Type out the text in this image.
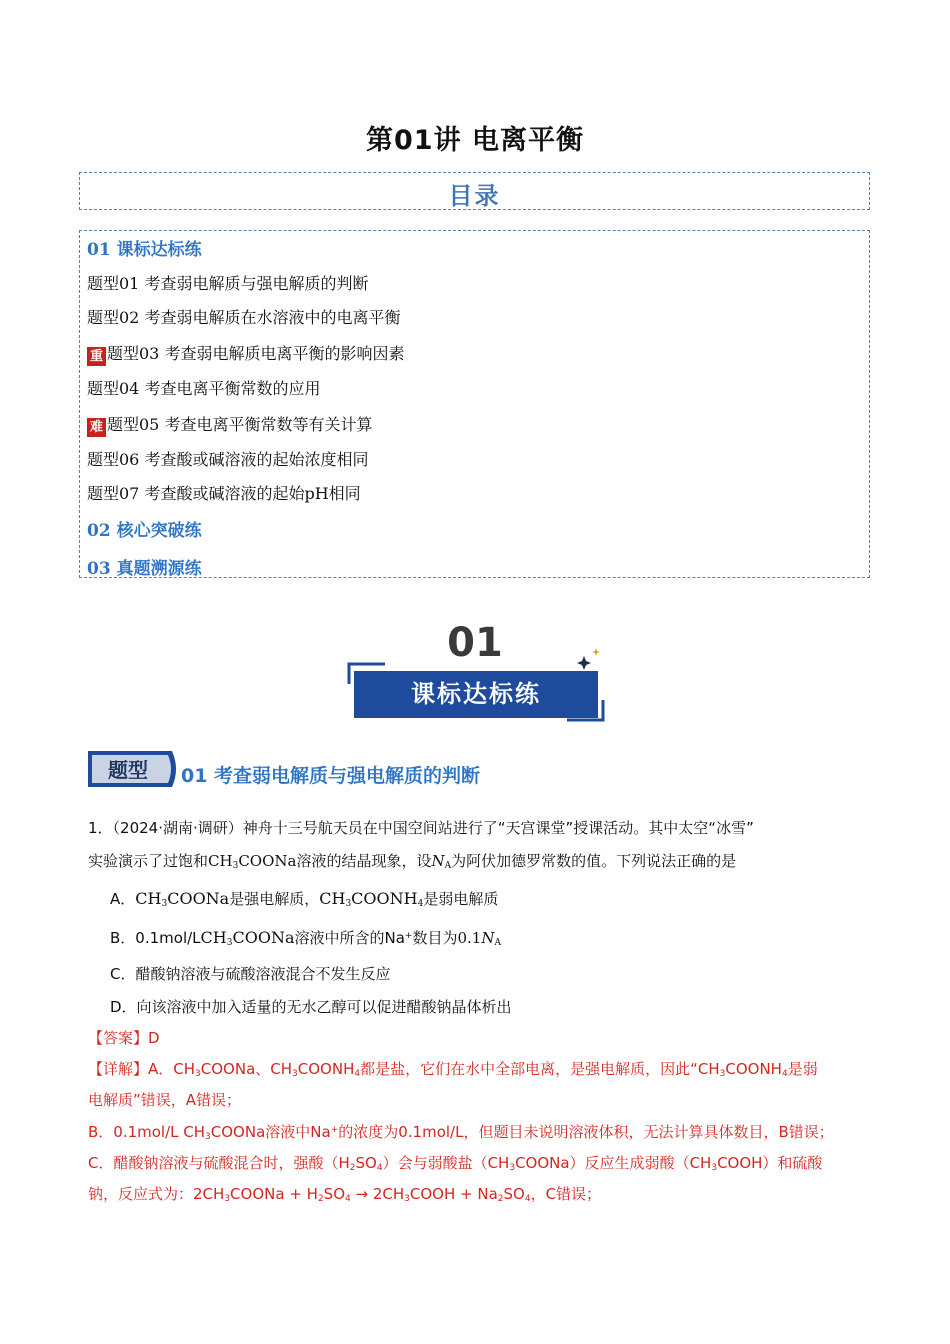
第01讲 电离平衡
目录
01 课标达标练
题型01 考查弱电解质与强电解质的判断
题型02 考查弱电解质在水溶液中的电离平衡
重 题型03 考查弱电解质电离平衡的影响因素
题型04 考查电离平衡常数的应用
难 题型05 考查电离平衡常数等有关计算
题型06 考查酸或碱溶液的起始浓度相同
题型07 考查酸或碱溶液的起始pH相同
02 核心突破练
03 真题溯源练
01
课标达标练
题型 01 考查弱电解质与强电解质的判断
1．（2024·湖南·调研）神舟十三号航天员在中国空间站进行了“天宫课堂”授课活动。其中太空“冰雪”
实验演示了过饱和$CH_3COONa$溶液的结晶现象，设$N_A$为阿伏加德罗常数的值。下列说法正确的是
A．$CH_3COONa$是强电解质，$CH_3COONH_4$是弱电解质
B．$0.1mol/LCH_3COONa$溶液中所含的Na+数目为$0.1N_A$
C．醋酸钠溶液与硫酸溶液混合不发生反应
D．向该溶液中加入适量的无水乙醇可以促进醋酸钠晶体析出
【答案】D
【详解】A．$CH_3COONa$、$CH_3COONH_4$都是盐，它们在水中全部电离，是强电解质，因此“$CH_3COONH_4$是弱
电解质”错误，A错误；
B．0.1mol/L $CH_3COONa$溶液中Na+的浓度为0.1mol/L，但题目未说明溶液体积，无法计算具体数目，B错误；
C．醋酸钠溶液与硫酸混合时，强酸$(H_2SO_4)$会与弱酸盐$(CH_3COONa)$反应生成弱酸$(CH_3COOH)$和硫酸
钠，反应式为：$2CH_3COONa + H_2SO_4$ → $2CH_3COOH + Na_2SO_4$，C错误；
